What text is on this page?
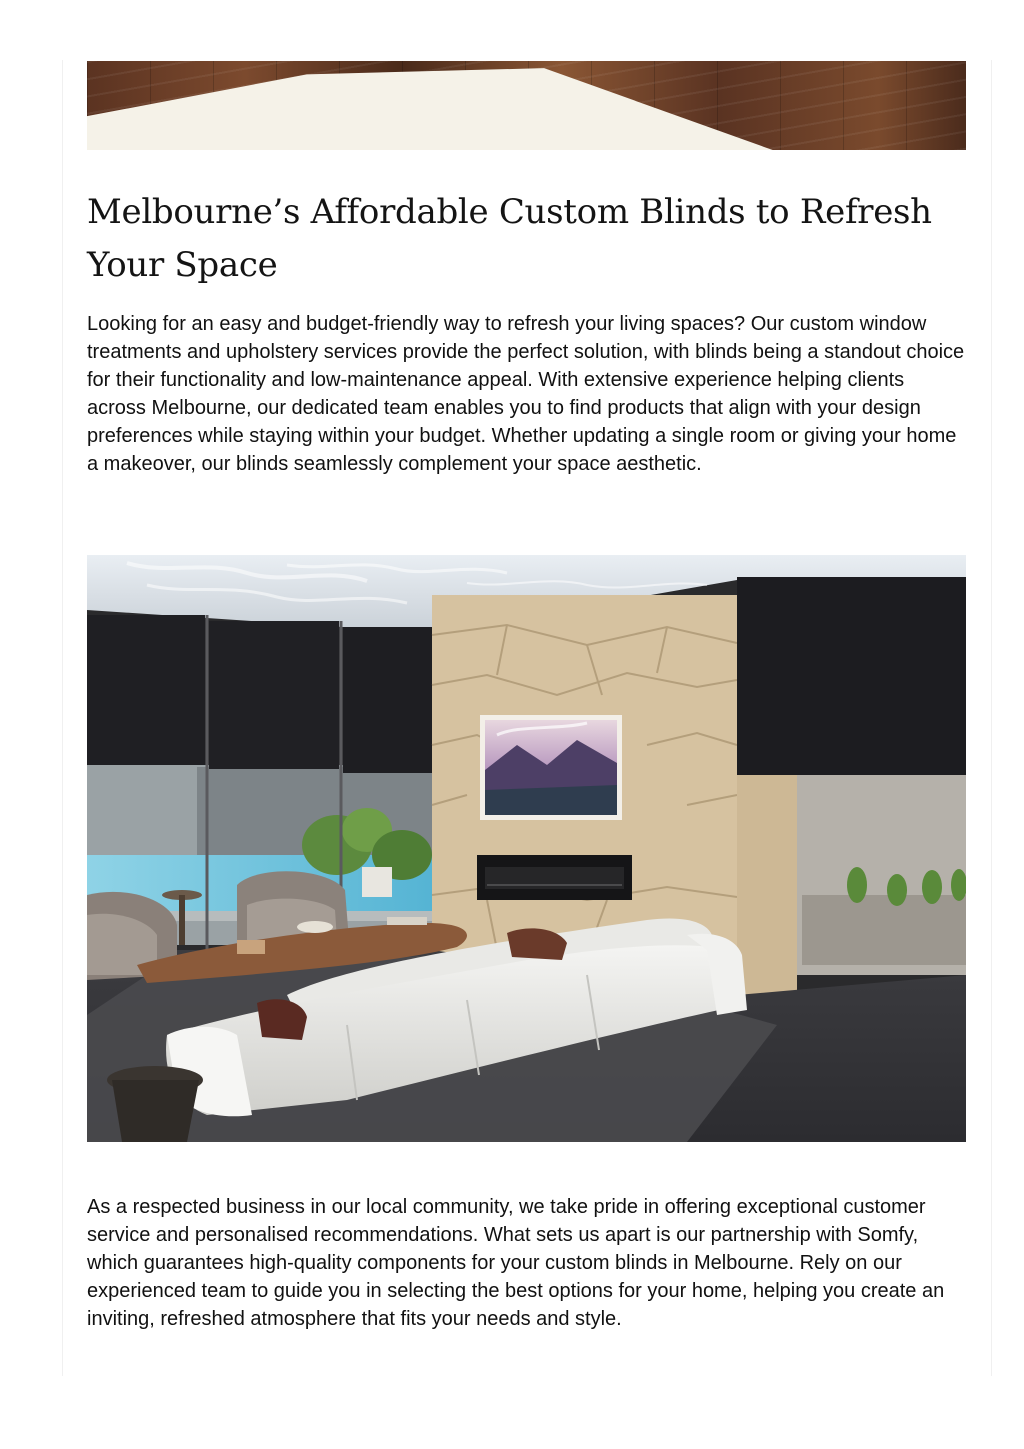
Melbourne’s Affordable Custom Blinds to Refresh Your Space

Looking for an easy and budget-friendly way to refresh your living spaces? Our custom window treatments and upholstery services provide the perfect solution, with blinds being a standout choice for their functionality and low-maintenance appeal. With extensive experience helping clients across Melbourne, our dedicated team enables you to find products that align with your design preferences while staying within your budget. Whether updating a single room or giving your home a makeover, our blinds seamlessly complement your space aesthetic.

As a respected business in our local community, we take pride in offering exceptional customer service and personalised recommendations. What sets us apart is our partnership with Somfy, which guarantees high-quality components for your custom blinds in Melbourne. Rely on our experienced team to guide you in selecting the best options for your home, helping you create an inviting, refreshed atmosphere that fits your needs and style.
